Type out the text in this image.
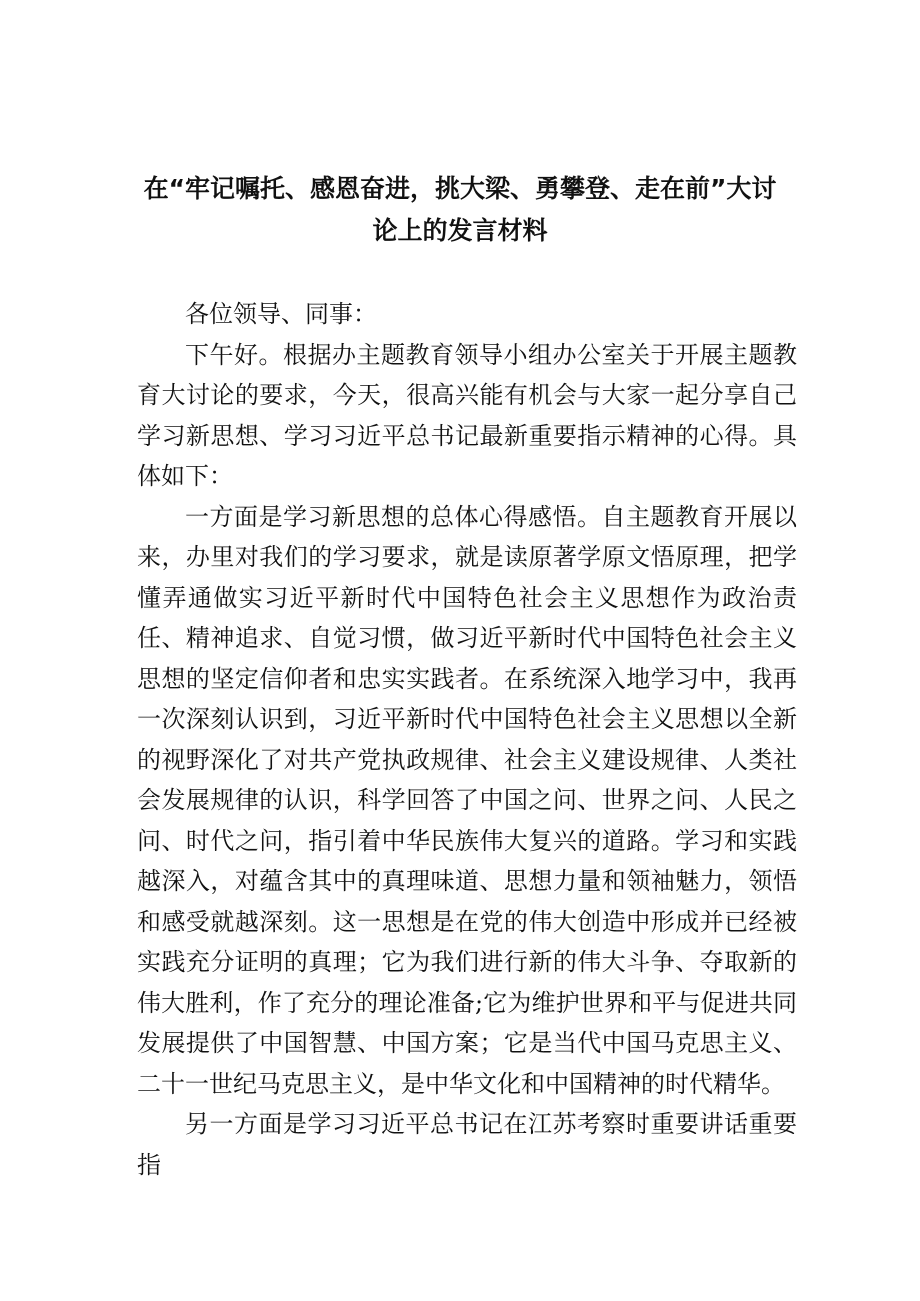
在“牢记嘱托、感恩奋进，挑大梁、勇攀登、走在前”大讨
论上的发言材料

各位领导、同事：

下午好。根据办主题教育领导小组办公室关于开展主题教育大讨论的要求，今天，很高兴能有机会与大家一起分享自己学习新思想、学习习近平总书记最新重要指示精神的心得。具体如下：

一方面是学习新思想的总体心得感悟。自主题教育开展以来，办里对我们的学习要求，就是读原著学原文悟原理，把学懂弄通做实习近平新时代中国特色社会主义思想作为政治责任、精神追求、自觉习惯，做习近平新时代中国特色社会主义思想的坚定信仰者和忠实实践者。在系统深入地学习中，我再一次深刻认识到，习近平新时代中国特色社会主义思想以全新的视野深化了对共产党执政规律、社会主义建设规律、人类社会发展规律的认识，科学回答了中国之问、世界之问、人民之问、时代之问，指引着中华民族伟大复兴的道路。学习和实践越深入，对蕴含其中的真理味道、思想力量和领袖魅力，领悟和感受就越深刻。这一思想是在党的伟大创造中形成并已经被实践充分证明的真理；它为我们进行新的伟大斗争、夺取新的伟大胜利，作了充分的理论准备;它为维护世界和平与促进共同发展提供了中国智慧、中国方案；它是当代中国马克思主义、二十一世纪马克思主义，是中华文化和中国精神的时代精华。

另一方面是学习习近平总书记在江苏考察时重要讲话重要指
